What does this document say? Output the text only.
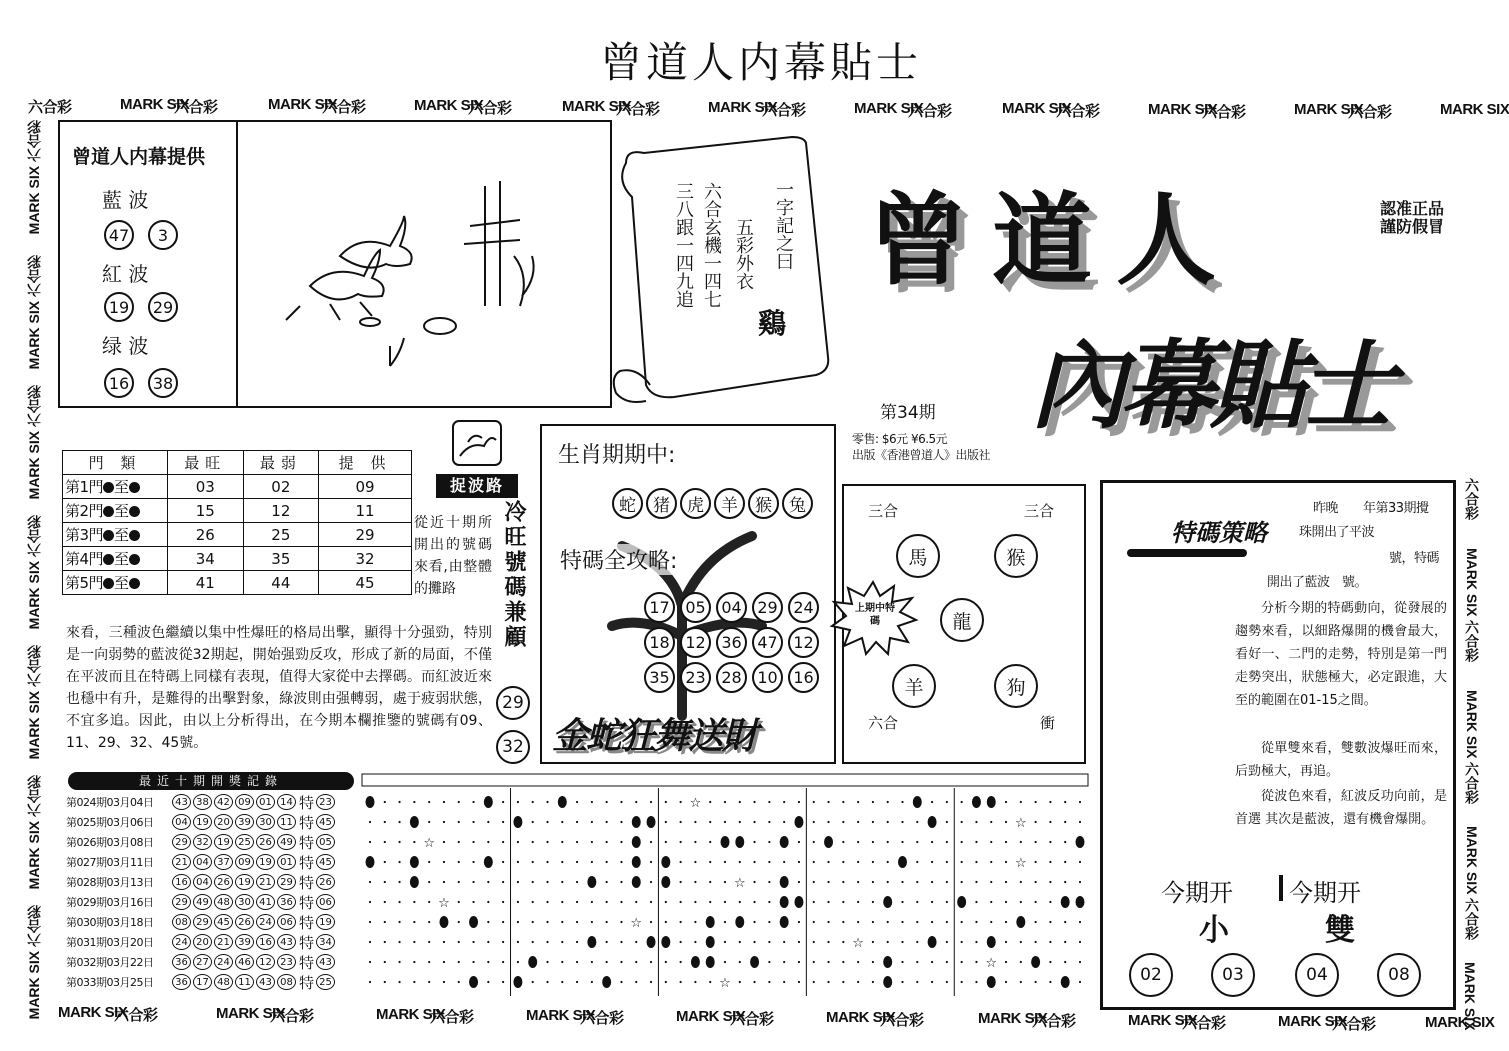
曾道人内幕貼士
六合彩	MARK SIX
六合彩	MARK SIX
六合彩	MARK SIX
六合彩	MARK SIX
六合彩	MARK SIX
六合彩	MARK SIX
六合彩	MARK SIX
六合彩	MARK SIX
六合彩	MARK SIX
六合彩	MARK SIX
MARK SIX 六合彩
MARK SIX 六合彩
MARK SIX 六合彩
MARK SIX 六合彩
MARK SIX 六合彩
MARK SIX 六合彩
MARK SIX 六合彩
六合彩
MARK SIX 六合彩
MARK SIX 六合彩
MARK SIX 六合彩
MARK SIX
MARK SIX
六合彩	MARK SIX
六合彩	MARK SIX
六合彩	MARK SIX
六合彩	MARK SIX
六合彩	MARK SIX
六合彩	MARK SIX
六合彩	MARK SIX
六合彩	MARK SIX
六合彩	MARK SIX
曾道人内幕提供
藍 波
47	3
紅 波
19	29
绿 波
16	38
一字記之曰
鷄
五彩外衣
六合玄機一四七
三八跟一四九追 曾道人
內幕貼士
認准正品
謹防假冒
第34期
零售: $6元 ¥6.5元
出版《香港曾道人》出版社
門 類	最旺	最弱	提 供
第1門 至	03	02	09
第2門 至	15	12	11
第3門 至	26	25	29
第4門 至	34	35	32
第5門 至	41	44	45
捉波路
從近十期所開出的號碼來看,由整體的攤路
來看，三種波色繼續以集中性爆旺的格局出擊，顯得十分强勁，特別是一向弱勢的藍波從32期起，開始强勁反攻，形成了新的局面，不僅在平波而且在特碼上同樣有表現，值得大家從中去擇碼。而紅波近來也穩中有升，是難得的出擊對象，綠波則由强轉弱，處于疲弱狀態，不宜多追。因此，由以上分析得出，在今期本欄推鑒的號碼有09、11、29、32、45號。
冷旺號碼兼顧
29
32
生肖期期中:
蛇	猪	虎	羊	猴	兔
特碼全攻略:
17 05 04 29 24
18 12 36 47 12
35 23 28 10 16
金蛇狂舞送財
三合	三合
馬	猴
龍
羊	狗
六合	衝
上期中特碼
特碼策略
昨晚　　年第33期攪
珠開出了平波
號，特碼
開出了藍波　號。
分析今期的特碼動向，從發展的趨勢來看，以細路爆開的機會最大，看好一、二門的走勢，特別是第一門走勢突出，狀態極大，必定跟進，大至的範圍在01-15之間。
從單雙來看，雙數波爆旺而來，后勁極大，再追。
從波色來看，紅波反功向前，是首選 其次是藍波，還有機會爆開。
今期开 今期开
小	雙
02	03	04	08
最近十期開獎記錄
第024期03月04日	43 38 42 09 01 14 特 23
第025期03月06日	04 19 20 39 30 11 特 45
第026期03月08日	29 32 19 25 26 49 特 05
第027期03月11日	21 04 37 09 19 01 特 45
第028期03月13日	16 04 26 19 21 29 特 26
第029期03月16日	29 49 48 30 41 36 特 06
第030期03月18日	08 29 45 26 24 06 特 19
第031期03月20日	24 20 21 39 16 43 特 34
第032期03月22日	36 27 24 46 12 23 特 43
第033期03月25日	36 17 48 11 43 08 特 25
☆
☆
☆
☆
☆
☆
☆
☆
☆
☆
